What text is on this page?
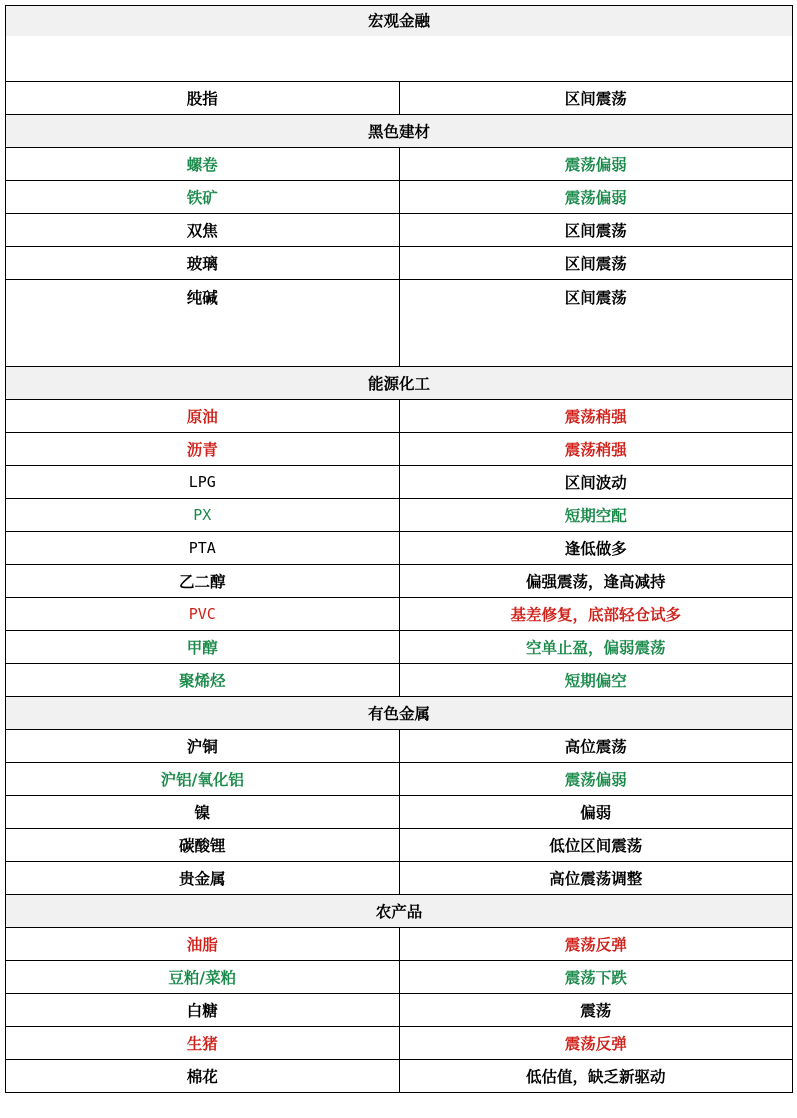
宏观金融	

股指	区间震荡
黑色建材	
螺卷	震荡偏弱
铁矿	震荡偏弱
双焦	区间震荡
玻璃	区间震荡
纯碱	区间震荡
能源化工	
原油	震荡稍强
沥青	震荡稍强
LPG	区间波动
PX	短期空配
PTA	逢低做多
乙二醇	偏强震荡，逢高减持
PVC	基差修复，底部轻仓试多
甲醇	空单止盈，偏弱震荡
聚烯烃	短期偏空
有色金属	
沪铜	高位震荡
沪铝/氧化铝	震荡偏弱
镍	偏弱
碳酸锂	低位区间震荡
贵金属	高位震荡调整
农产品	
油脂	震荡反弹
豆粕/菜粕	震荡下跌
白糖	震荡
生猪	震荡反弹
棉花	低估值，缺乏新驱动
